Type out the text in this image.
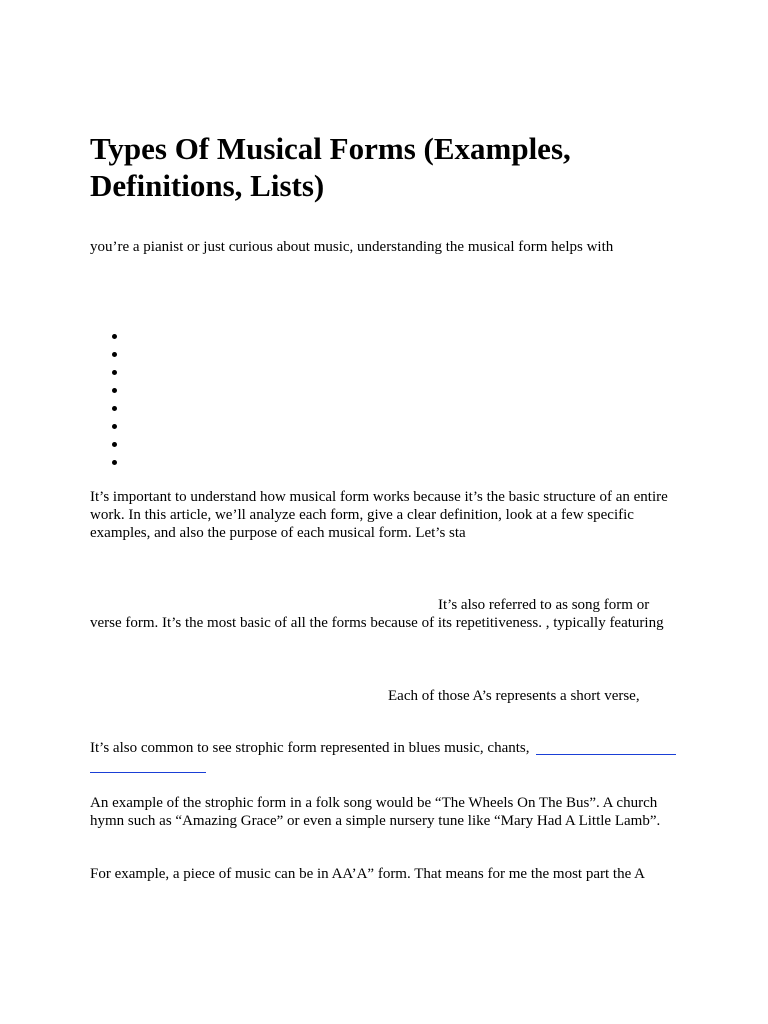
Types Of Musical Forms (Examples, Definitions, Lists)

you’re a pianist or just curious about music, understanding the musical form helps with

It’s important to understand how musical form works because it’s the basic structure of an entire work. In this article, we’ll analyze each form, give a clear definition, look at a few specific examples, and also the purpose of each musical form. Let’s sta

It’s also referred to as song form or

verse form. It’s the most basic of all the forms because of its repetitiveness. , typically featuring

Each of those A’s represents a short verse,

It’s also common to see strophic form represented in blues music, chants,

An example of the strophic form in a folk song would be “The Wheels On The Bus”. A church hymn such as “Amazing Grace” or even a simple nursery tune like “Mary Had A Little Lamb”.

For example, a piece of music can be in AA’A” form. That means for me the most part the A
